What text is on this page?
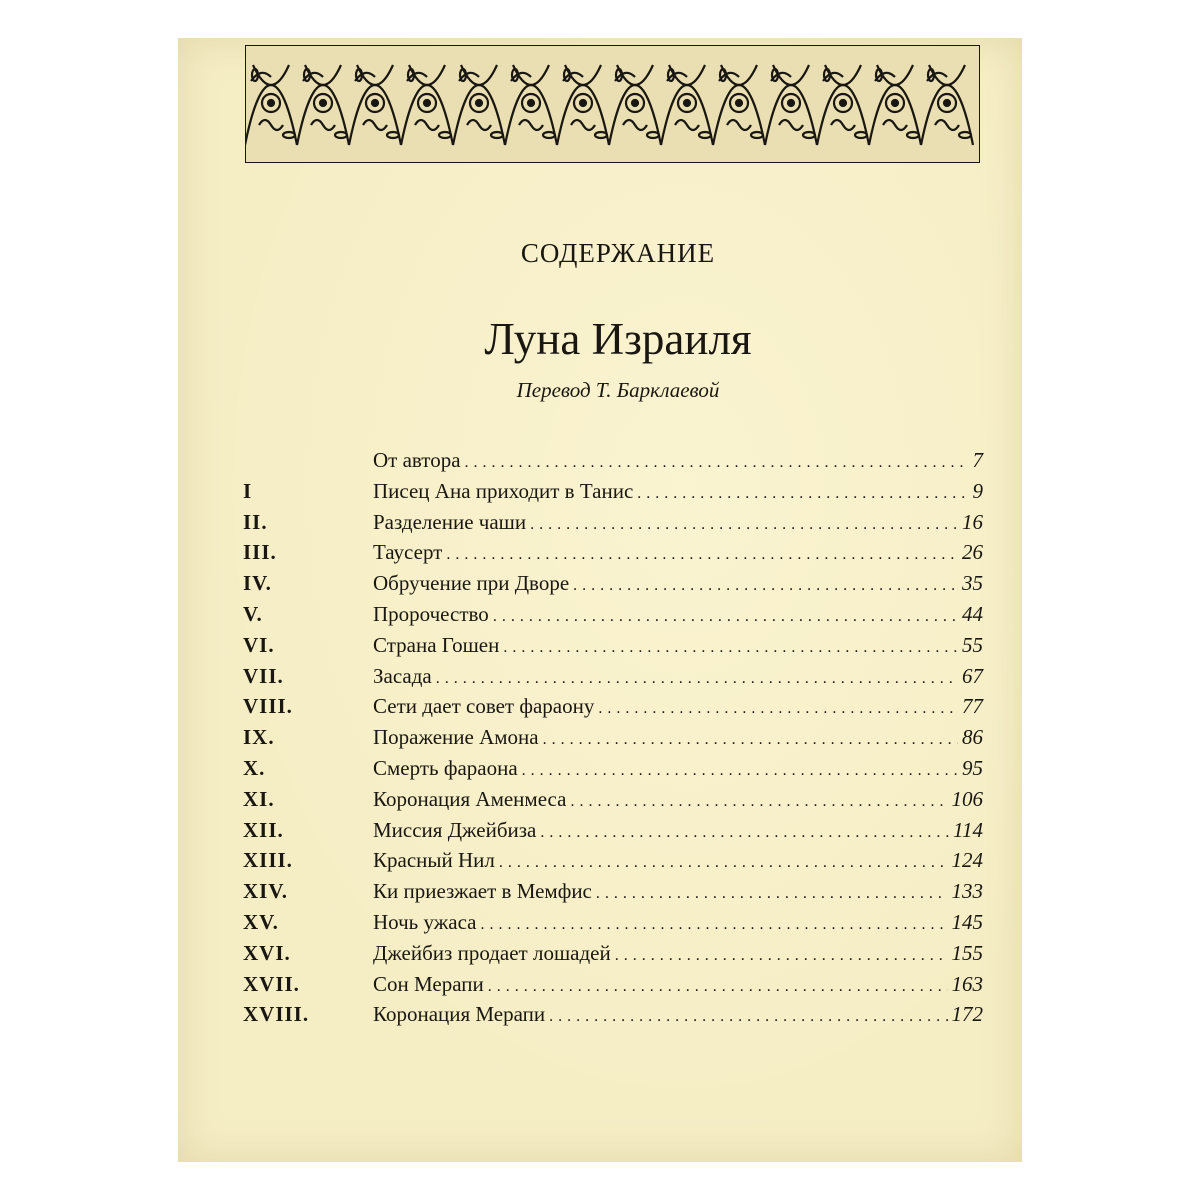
СОДЕРЖАНИЕ
Луна Израиля
Перевод Т. Барклаевой
От автора . . .	7
I	Писец Ана приходит в Танис . . .	9
II.	Разделение чаши . . .	16
III.	Таусерт . . .	26
IV.	Обручение при Дворе . . .	35
V.	Пророчество . . .	44
VI.	Страна Гошен . . .	55
VII.	Засада . . .	67
VIII.	Сети дает совет фараону . . .	77
IX.	Поражение Амона . . .	86
X.	Смерть фараона . . .	95
XI.	Коронация Аменмеса . . .	106
XII.	Миссия Джейбиза . . .	114
XIII.	Красный Нил . . .	124
XIV.	Ки приезжает в Мемфис . . .	133
XV.	Ночь ужаса . . .	145
XVI.	Джейбиз продает лошадей . . .	155
XVII.	Сон Мерапи . . .	163
XVIII.	Коронация Мерапи . . .	172
